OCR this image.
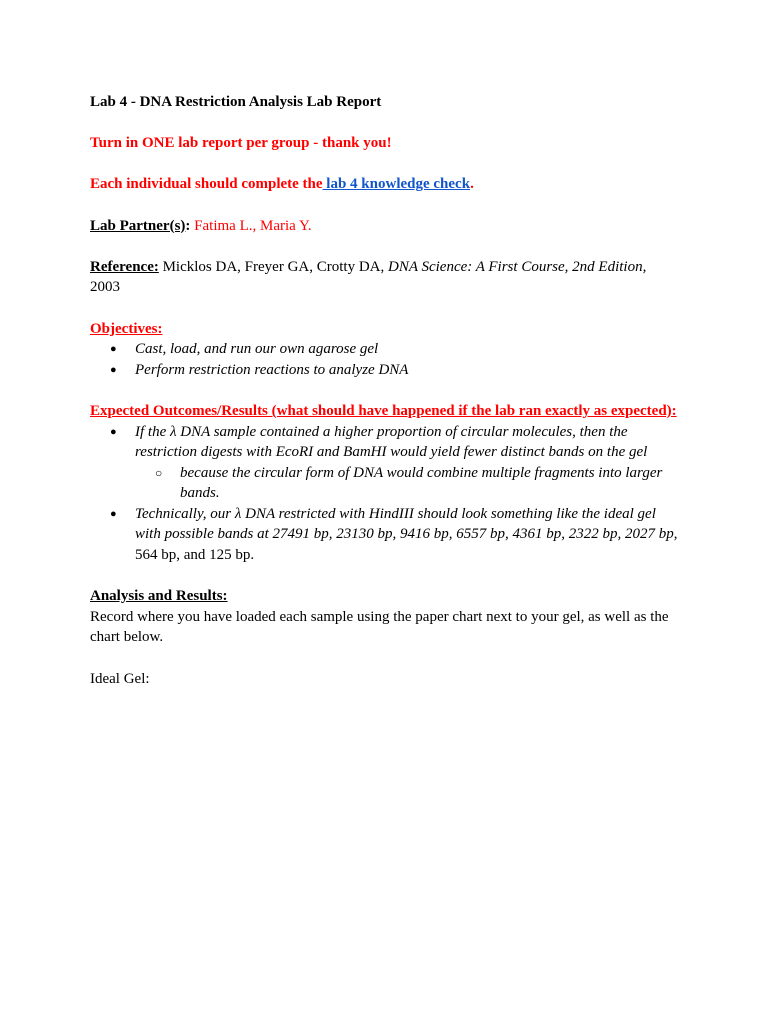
Lab 4 - DNA Restriction Analysis Lab Report

Turn in ONE lab report per group - thank you!

Each individual should complete the lab 4 knowledge check.

Lab Partner(s): Fatima L., Maria Y.

Reference: Micklos DA, Freyer GA, Crotty DA, DNA Science: A First Course, 2nd Edition,
2003

Objectives:

● Cast, load, and run our own agarose gel
● Perform restriction reactions to analyze DNA

Expected Outcomes/Results (what should have happened if the lab ran exactly as expected):

● If the λ DNA sample contained a higher proportion of circular molecules, then the restriction digests with EcoRI and BamHI would yield fewer distinct bands on the gel
○ because the circular form of DNA would combine multiple fragments into larger bands.
● Technically, our λ DNA restricted with HindIII should look something like the ideal gel with possible bands at 27491 bp, 23130 bp, 9416 bp, 6557 bp, 4361 bp, 2322 bp, 2027 bp, 564 bp, and 125 bp.

Analysis and Results:

Record where you have loaded each sample using the paper chart next to your gel, as well as the chart below.

Ideal Gel:
